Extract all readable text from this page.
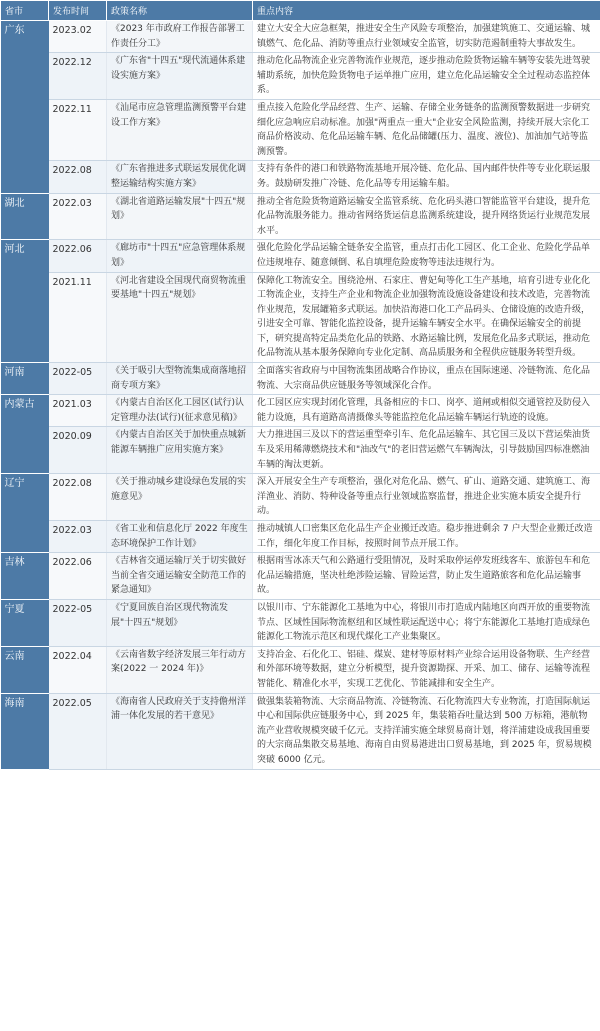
省市	发布时间	政策名称	重点内容
广东	2023.02	《2023 年市政府工作报告部署工作责任分工》	建立大安全大应急框架，推进安全生产风险专项整治，加强建筑施工、交通运输、城镇燃气、危化品、消防等重点行业领域安全监管，切实防范遏制重特大事故发生。
	2022.12	《广东省"十四五"现代流通体系建设实施方案》	推动危化品物流企业完善物流作业规范，逐步推动危险货物运输车辆等安装先进驾驶辅助系统，加快危险货物电子运单推广应用，建立危化品运输安全全过程动态监控体系。
	2022.11	《汕尾市应急管理监测预警平台建设工作方案》	重点接入危险化学品经营、生产、运输、存储全业务链条的监测预警数据进一步研究细化应急响应启动标准。加强"两重点一重大"企业安全风险监测，持续开展大宗化工商品价格波动、危化品运输车辆、危化品储罐(压力、温度、液位)、加油加气站等监测预警。
	2022.08	《广东省推进多式联运发展优化调整运输结构实施方案》	支持有条件的港口和铁路物流基地开展冷链、危化品、国内邮件快件等专业化联运服务。鼓励研发推广冷链、危化品等专用运输车船。
湖北	2022.03	《湖北省道路运输发展"十四五"规划》	推动全省危险货物道路运输安全监管系统、危化码头港口智能监管平台建设，提升危化品物流服务能力。推动省网络货运信息监测系统建设，提升网络货运行业规范发展水平。
河北	2022.06	《廊坊市"十四五"应急管理体系规划》	强化危险化学品运输全链条安全监管，重点打击化工园区、化工企业、危险化学品单位违规堆存、随意倾倒、私自填埋危险废物等违法违规行为。
	2021.11	《河北省建设全国现代商贸物流重要基地"十四五"规划》	保障化工物流安全。围绕沧州、石家庄、曹妃甸等化工生产基地，培育引进专业化化工物流企业，支持生产企业和物流企业加强物流设施设备建设和技术改造，完善物流作业规范，发展罐箱多式联运。加快沿海港口化工产品码头、仓储设施的改造升级，引进安全可靠、智能化监控设备，提升运输车辆安全水平。在确保运输安全的前提下，研究提高特定品类危化品的铁路、水路运输比例，发展危化品多式联运，推动危化品物流从基本服务保障向专业化定制、高品质服务和全程供应链服务转型升级。
河南	2022-05	《关于吸引大型物流集成商落地招商专项方案》	全面落实省政府与中国物流集团战略合作协议，重点在国际速递、冷链物流、危化品物流、大宗商品供应链服务等领域深化合作。
内蒙古	2021.03	《内蒙古自治区化工园区(试行)认定管理办法(试行)(征求意见稿)》	化工园区应实现封闭化管理，具备相应的卡口、岗亭、道闸或相似交通管控及防侵入能力设施，具有道路高清摄像头等能监控危化品运输车辆运行轨迹的设施。
	2020.09	《内蒙古自治区关于加快重点城新能源车辆推广应用实施方案》	大力推进国三及以下的营运重型牵引车、危化品运输车、其它国三及以下营运柴油货车及采用稀薄燃烧技术和"油改气"的老旧营运燃气车辆淘汰，引导鼓励国四标准燃油车辆的淘汰更新。
辽宁	2022.08	《关于推动城乡建设绿色发展的实施意见》	深入开展安全生产专项整治，强化对危化品、燃气、矿山、道路交通、建筑施工、海洋渔业、消防、特种设备等重点行业领域监察监督，推进企业实施本质安全提升行动。
	2022.03	《省工业和信息化厅 2022 年度生态环境保护工作计划》	推动城镇人口密集区危化品生产企业搬迁改造。稳步推进剩余 7 户大型企业搬迁改造工作，细化年度工作目标，按照时间节点开展工作。
吉林	2022.06	《吉林省交通运输厅关于切实做好当前全省交通运输安全防范工作的紧急通知》	根据雨雪冰冻天气和公路通行受阻情况，及时采取停运停发班线客车、旅游包车和危化品运输措施，坚决杜绝涉险运输、冒险运营，防止发生道路旅客和危化品运输事故。
宁夏	2022-05	《宁夏回族自治区现代物流发展"十四五"规划》	以银川市、宁东能源化工基地为中心，将银川市打造成内陆地区向西开放的重要物流节点、区域性国际物流枢纽和区域性联运配送中心；将宁东能源化工基地打造成绿色能源化工物流示范区和现代煤化工产业集聚区。
云南	2022.04	《云南省数字经济发展三年行动方案(2022 一 2024 年)》	支持冶金、石化化工、铝硅、煤炭、建材等原材料产业综合运用设备物联、生产经营和外部环境等数据，建立分析模型，提升资源勘探、开采、加工、储存、运输等流程智能化、精准化水平，实现工艺优化、节能减排和安全生产。
海南	2022.05	《海南省人民政府关于支持儋州洋浦一体化发展的若干意见》	做强集装箱物流、大宗商品物流、冷链物流、石化物流四大专业物流，打造国际航运中心和国际供应链服务中心，到 2025 年，集装箱吞吐量达到 500 万标箱，港航物流产业营收规模突破千亿元。支持洋浦实施全球贸易商计划，将洋浦建设成我国重要的大宗商品集散交易基地、海南自由贸易港进出口贸易基地，到 2025 年，贸易规模突破 6000 亿元。
